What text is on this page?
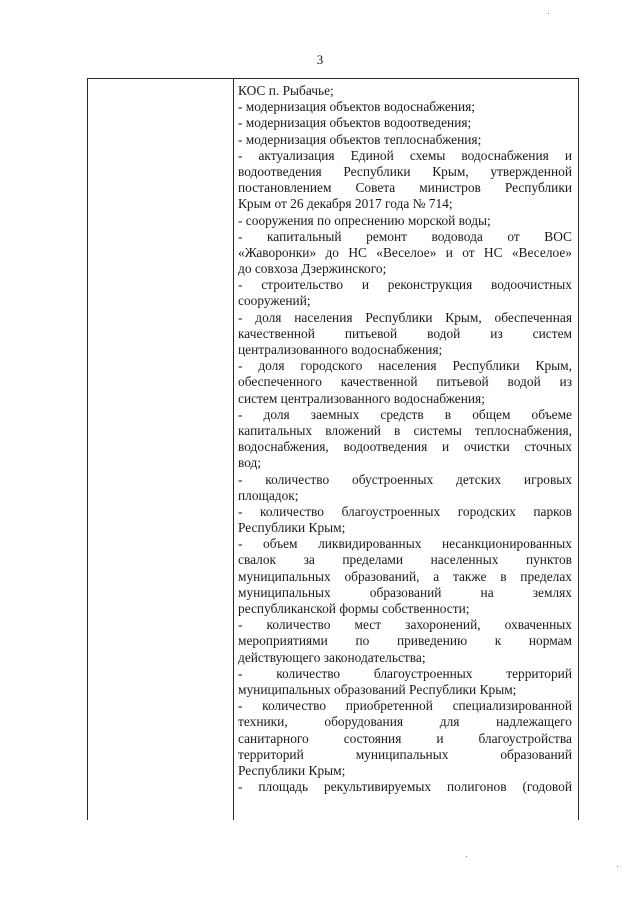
3
КОС п. Рыбачье;
- модернизация объектов водоснабжения;
- модернизация объектов водоотведения;
- модернизация объектов теплоснабжения;
- актуализация Единой схемы водоснабжения и
водоотведения Республики Крым, утвержденной
постановлением Совета министров Республики
Крым от 26 декабря 2017 года № 714;
- сооружения по опреснению морской воды;
- капитальный ремонт водовода от ВОС
«Жаворонки» до НС «Веселое» и от НС «Веселое»
до совхоза Дзержинского;
- строительство и реконструкция водоочистных
сооружений;
- доля населения Республики Крым, обеспеченная
качественной питьевой водой из систем
централизованного водоснабжения;
- доля городского населения Республики Крым,
обеспеченного качественной питьевой водой из
систем централизованного водоснабжения;
- доля заемных средств в общем объеме
капитальных вложений в системы теплоснабжения,
водоснабжения, водоотведения и очистки сточных
вод;
- количество обустроенных детских игровых
площадок;
- количество благоустроенных городских парков
Республики Крым;
- объем ликвидированных несанкционированных
свалок за пределами населенных пунктов
муниципальных образований, а также в пределах
муниципальных образований на землях
республиканской формы собственности;
- количество мест захоронений, охваченных
мероприятиями по приведению к нормам
действующего законодательства;
- количество благоустроенных территорий
муниципальных образований Республики Крым;
- количество приобретенной специализированной
техники, оборудования для надлежащего
санитарного состояния и благоустройства
территорий муниципальных образований
Республики Крым;
- площадь рекультивируемых полигонов (годовой
